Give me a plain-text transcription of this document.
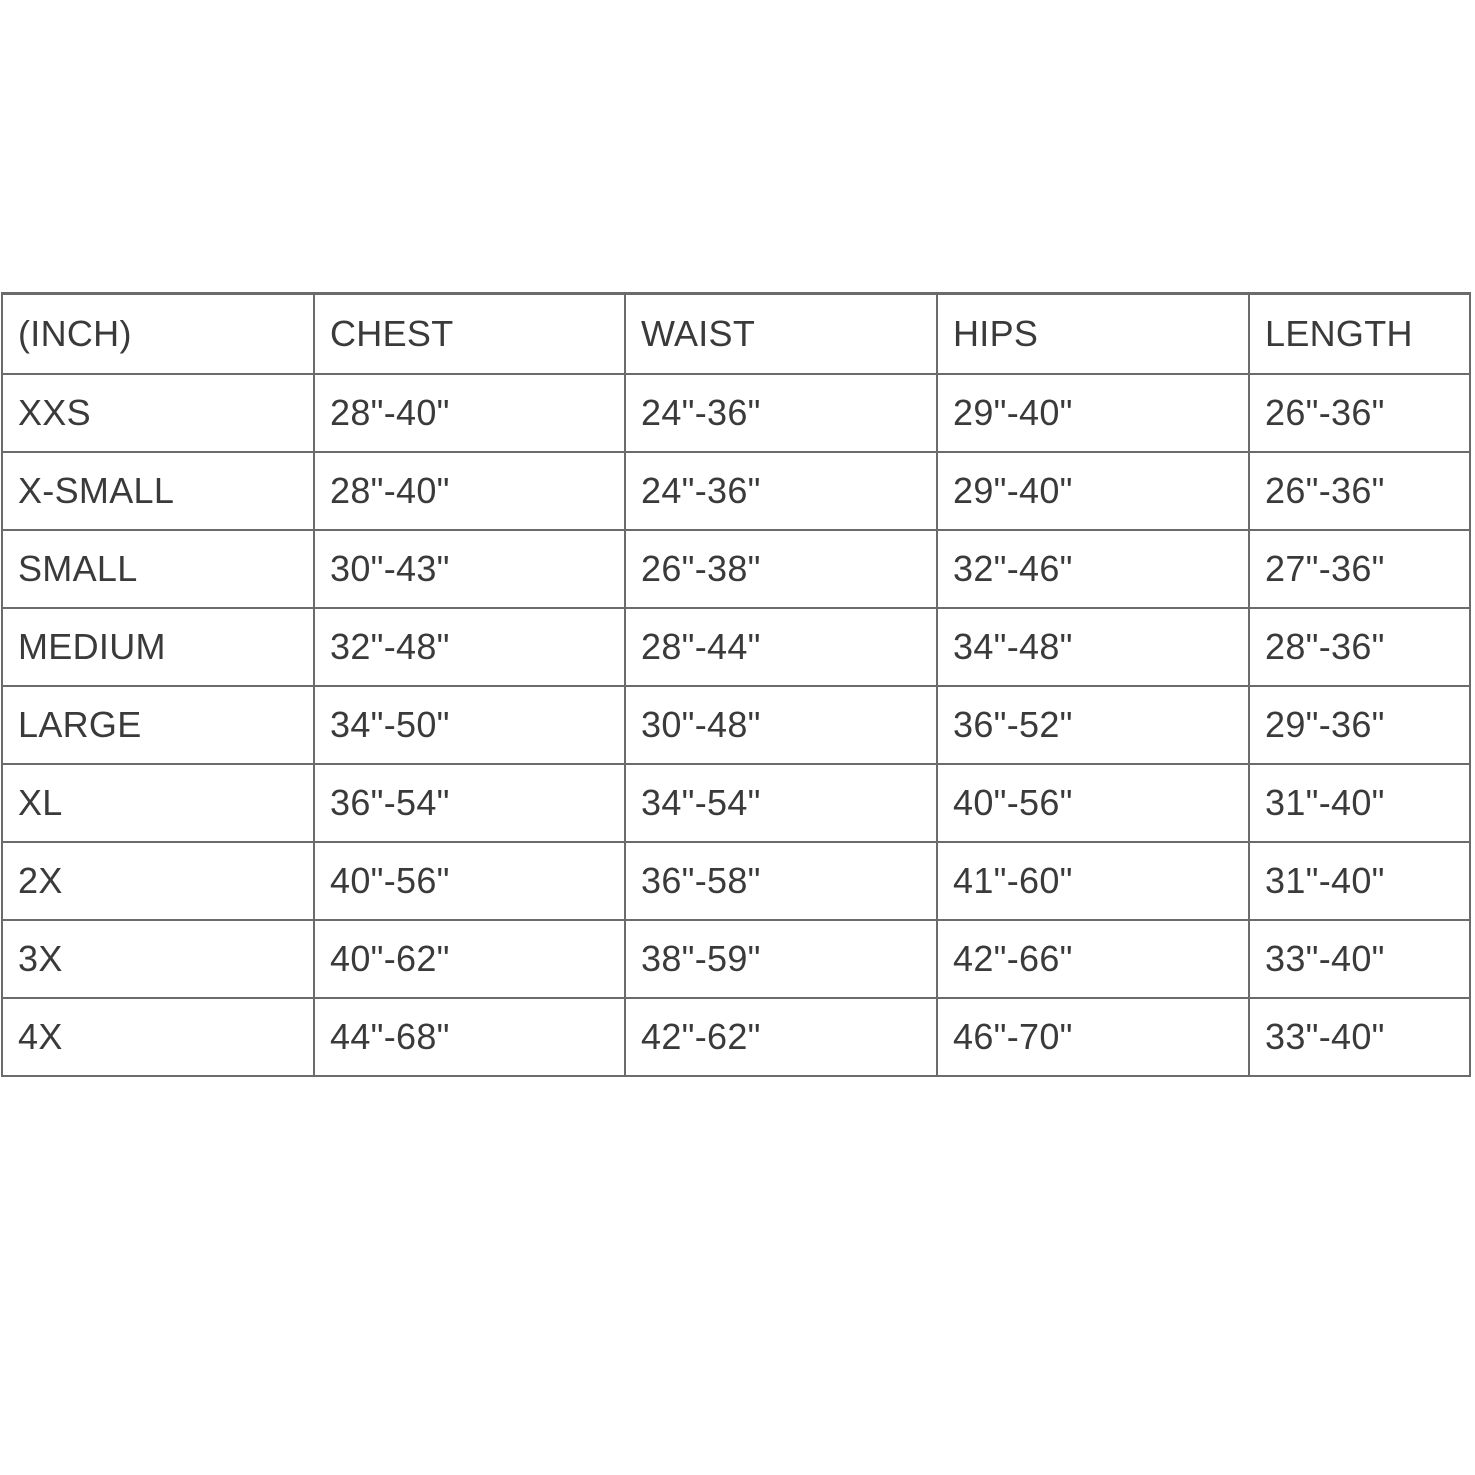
(INCH)	CHEST	WAIST	HIPS	LENGTH
XXS	28"-40"	24"-36"	29"-40"	26"-36"
X-SMALL	28"-40"	24"-36"	29"-40"	26"-36"
SMALL	30"-43"	26"-38"	32"-46"	27"-36"
MEDIUM	32"-48"	28"-44"	34"-48"	28"-36"
LARGE	34"-50"	30"-48"	36"-52"	29"-36"
XL	36"-54"	34"-54"	40"-56"	31"-40"
2X	40"-56"	36"-58"	41"-60"	31"-40"
3X	40"-62"	38"-59"	42"-66"	33"-40"
4X	44"-68"	42"-62"	46"-70"	33"-40"
